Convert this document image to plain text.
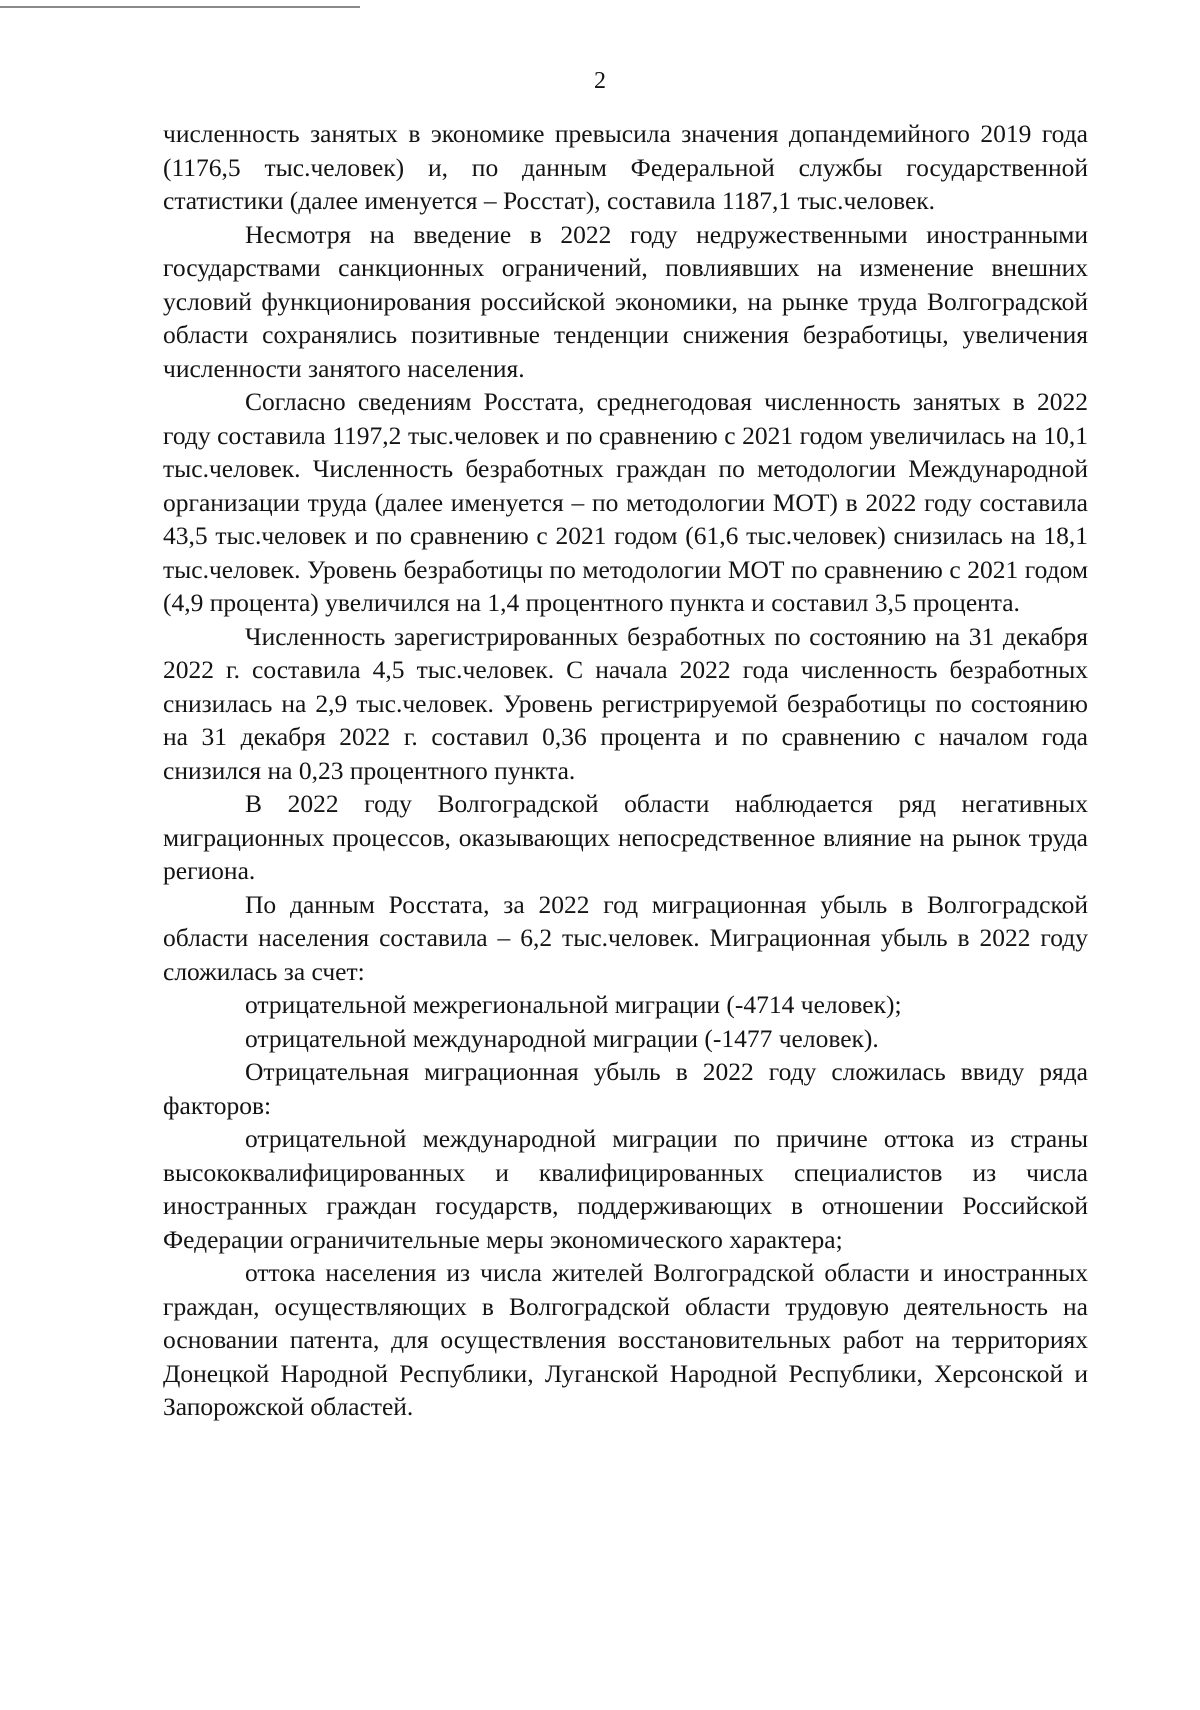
2

численность занятых в экономике превысила значения допандемийного 2019 года (1176,5 тыс.человек) и, по данным Федеральной службы государственной статистики (далее именуется – Росстат), составила 1187,1 тыс.человек.

Несмотря на введение в 2022 году недружественными иностранными государствами санкционных ограничений, повлиявших на изменение внешних условий функционирования российской экономики, на рынке труда Волгоградской области сохранялись позитивные тенденции снижения безработицы, увеличения численности занятого населения.

Согласно сведениям Росстата, среднегодовая численность занятых в 2022 году составила 1197,2 тыс.человек и по сравнению с 2021 годом увеличилась на 10,1 тыс.человек. Численность безработных граждан по методологии Международной организации труда (далее именуется – по методологии МОТ) в 2022 году составила 43,5 тыс.человек и по сравнению с 2021 годом (61,6 тыс.человек) снизилась на 18,1 тыс.человек. Уровень безработицы по методологии МОТ по сравнению с 2021 годом (4,9 процента) увеличился на 1,4 процентного пункта и составил 3,5 процента.

Численность зарегистрированных безработных по состоянию на 31 декабря 2022 г. составила 4,5 тыс.человек. С начала 2022 года численность безработных снизилась на 2,9 тыс.человек. Уровень регистрируемой безработицы по состоянию на 31 декабря 2022 г. составил 0,36 процента и по сравнению с началом года снизился на 0,23 процентного пункта.

В 2022 году Волгоградской области наблюдается ряд негативных миграционных процессов, оказывающих непосредственное влияние на рынок труда региона.

По данным Росстата, за 2022 год миграционная убыль в Волгоградской области населения составила – 6,2 тыс.человек. Миграционная убыль в 2022 году сложилась за счет:

отрицательной межрегиональной миграции (-4714 человек);

отрицательной международной миграции (-1477 человек).

Отрицательная миграционная убыль в 2022 году сложилась ввиду ряда факторов:

отрицательной международной миграции по причине оттока из страны высококвалифицированных и квалифицированных специалистов из числа иностранных граждан государств, поддерживающих в отношении Российской Федерации ограничительные меры экономического характера;

оттока населения из числа жителей Волгоградской области и иностранных граждан, осуществляющих в Волгоградской области трудовую деятельность на основании патента, для осуществления восстановительных работ на территориях Донецкой Народной Республики, Луганской Народной Республики, Херсонской и Запорожской областей.
